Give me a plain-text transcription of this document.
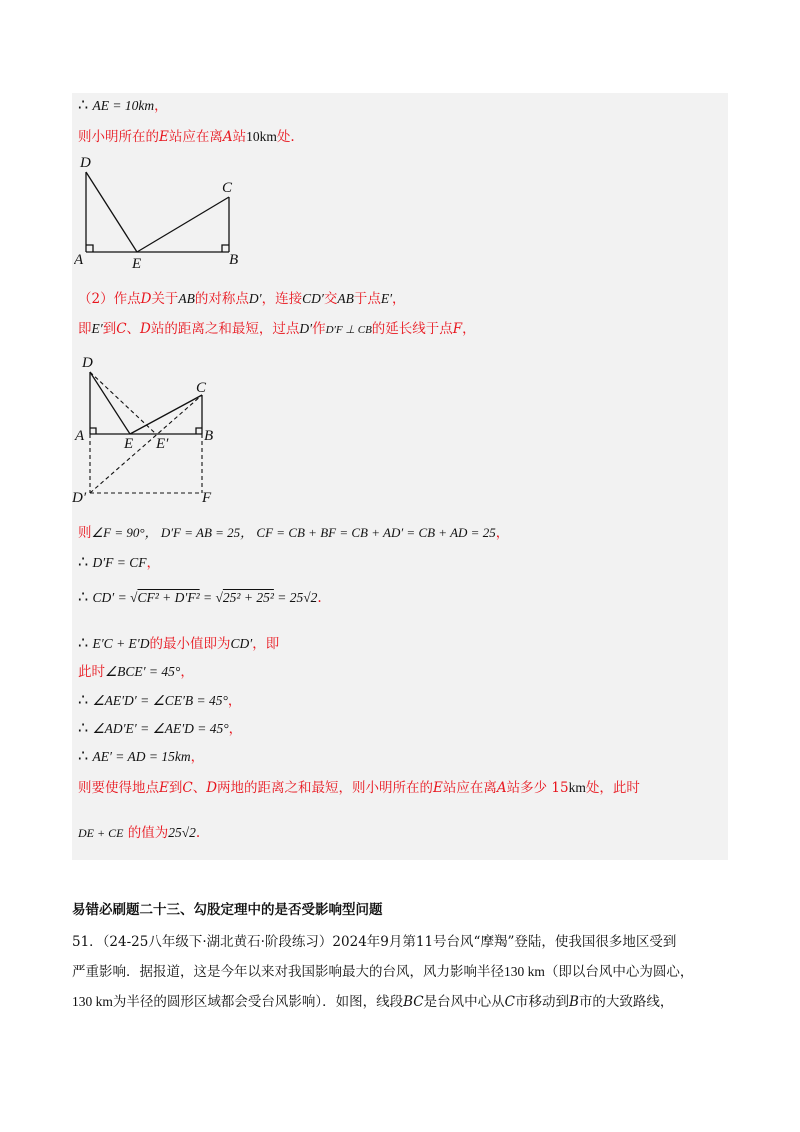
∴ AE = 10km，
则小明所在的E站应在离A站10km处.
D
C
A	E	B
（2）作点D关于AB的对称点D′，连接CD′交AB于点E′，
即E′到C、D站的距离之和最短，过点D′作D′F ⊥ CB的延长线于点F，
D
C
A	E E′ B
D′	F
则∠F = 90°， D′F = AB = 25， CF = CB + BF = CB + AD′ = CB + AD = 25，
∴ D′F = CF，
∴ CD′ = √CF² + D′F² = √25² + 25² = 25√2.
∴ E′C + E′D的最小值即为CD′，即
此时∠BCE′ = 45°，
∴ ∠AE′D′ = ∠CE′B = 45°，
∴ ∠AD′E′ = ∠AE′D = 45°，
∴ AE′ = AD = 15km，
则要使得地点E到C、D两地的距离之和最短，则小明所在的E站应在离A站多少 15km处，此时
DE + CE 的值为25√2.
易错必刷题二十三、勾股定理中的是否受影响型问题
51．（24-25八年级下·湖北黄石·阶段练习）2024年9月第11号台风“摩羯”登陆，使我国很多地区受到
严重影响．据报道，这是今年以来对我国影响最大的台风，风力影响半径130 km（即以台风中心为圆心，
130 km为半径的圆形区域都会受台风影响）．如图，线段BC是台风中心从C市移动到B市的大致路线，
